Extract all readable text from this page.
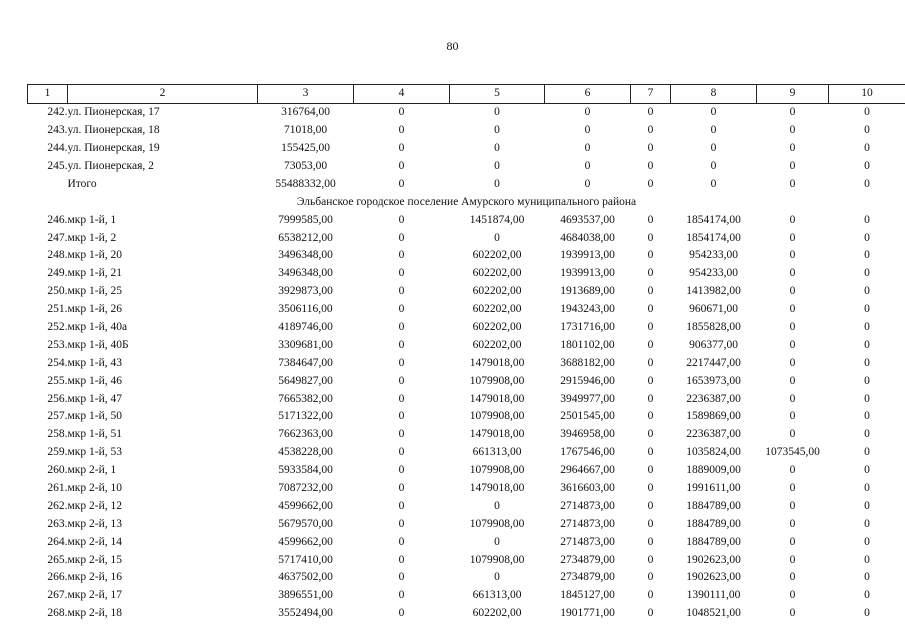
80
1	2	3	4	5	6	7	8	9	10
242.	ул. Пионерская, 17	316764,00	0	0	0	0	0	0	0
243.	ул. Пионерская, 18	71018,00	0	0	0	0	0	0	0
244.	ул. Пионерская, 19	155425,00	0	0	0	0	0	0	0
245.	ул. Пионерская, 2	73053,00	0	0	0	0	0	0	0
	Итого	55488332,00	0	0	0	0	0	0	0
Эльбанское городское поселение Амурского муниципального района									
246.	мкр 1-й, 1	7999585,00	0	1451874,00	4693537,00	0	1854174,00	0	0
247.	мкр 1-й, 2	6538212,00	0	0	4684038,00	0	1854174,00	0	0
248.	мкр 1-й, 20	3496348,00	0	602202,00	1939913,00	0	954233,00	0	0
249.	мкр 1-й, 21	3496348,00	0	602202,00	1939913,00	0	954233,00	0	0
250.	мкр 1-й, 25	3929873,00	0	602202,00	1913689,00	0	1413982,00	0	0
251.	мкр 1-й, 26	3506116,00	0	602202,00	1943243,00	0	960671,00	0	0
252.	мкр 1-й, 40а	4189746,00	0	602202,00	1731716,00	0	1855828,00	0	0
253.	мкр 1-й, 40Б	3309681,00	0	602202,00	1801102,00	0	906377,00	0	0
254.	мкр 1-й, 43	7384647,00	0	1479018,00	3688182,00	0	2217447,00	0	0
255.	мкр 1-й, 46	5649827,00	0	1079908,00	2915946,00	0	1653973,00	0	0
256.	мкр 1-й, 47	7665382,00	0	1479018,00	3949977,00	0	2236387,00	0	0
257.	мкр 1-й, 50	5171322,00	0	1079908,00	2501545,00	0	1589869,00	0	0
258.	мкр 1-й, 51	7662363,00	0	1479018,00	3946958,00	0	2236387,00	0	0
259.	мкр 1-й, 53	4538228,00	0	661313,00	1767546,00	0	1035824,00	1073545,00	0
260.	мкр 2-й, 1	5933584,00	0	1079908,00	2964667,00	0	1889009,00	0	0
261.	мкр 2-й, 10	7087232,00	0	1479018,00	3616603,00	0	1991611,00	0	0
262.	мкр 2-й, 12	4599662,00	0	0	2714873,00	0	1884789,00	0	0
263.	мкр 2-й, 13	5679570,00	0	1079908,00	2714873,00	0	1884789,00	0	0
264.	мкр 2-й, 14	4599662,00	0	0	2714873,00	0	1884789,00	0	0
265.	мкр 2-й, 15	5717410,00	0	1079908,00	2734879,00	0	1902623,00	0	0
266.	мкр 2-й, 16	4637502,00	0	0	2734879,00	0	1902623,00	0	0
267.	мкр 2-й, 17	3896551,00	0	661313,00	1845127,00	0	1390111,00	0	0
268.	мкр 2-й, 18	3552494,00	0	602202,00	1901771,00	0	1048521,00	0	0
